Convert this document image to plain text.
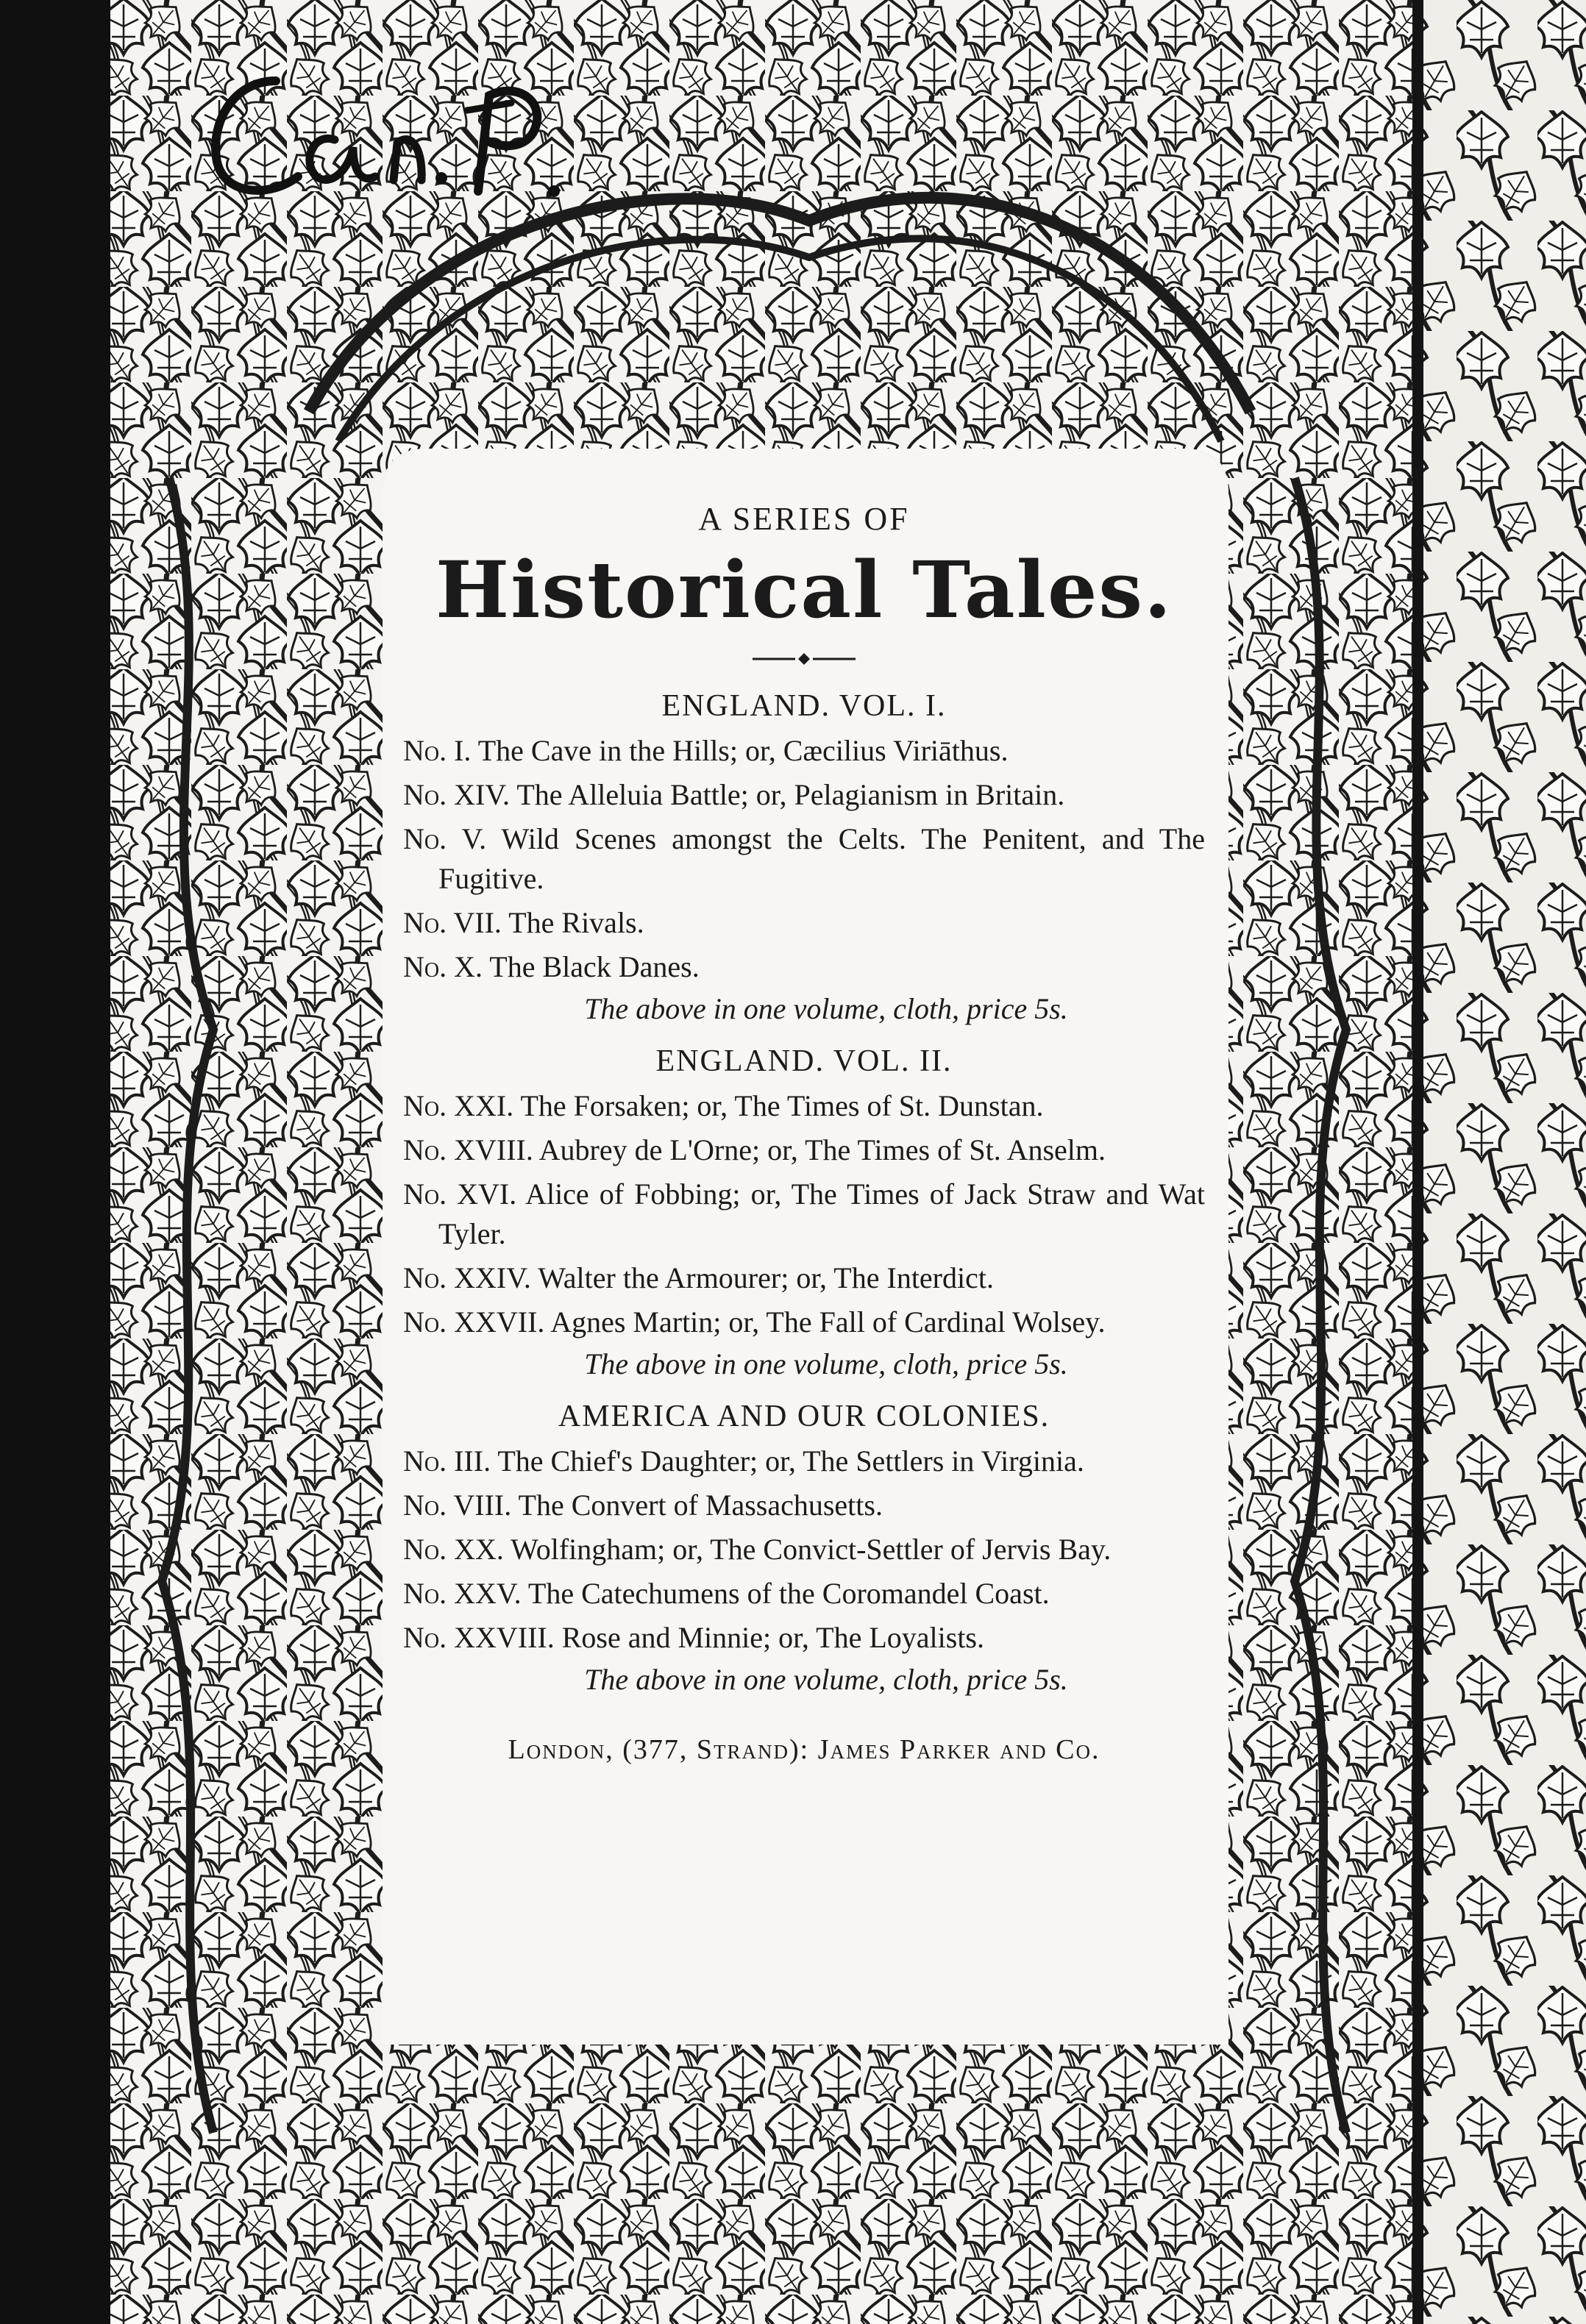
A SERIES OF
Historical Tales.
ENGLAND. VOL. I.
No. I. The Cave in the Hills; or, Cæcilius Viriāthus.
No. XIV. The Alleluia Battle; or, Pelagianism in Britain.
No. V. Wild Scenes amongst the Celts. The Penitent, and The Fugitive.
No. VII. The Rivals.
No. X. The Black Danes.

The above in one volume, cloth, price 5s.

ENGLAND. VOL. II.
No. XXI. The Forsaken; or, The Times of St. Dunstan.
No. XVIII. Aubrey de L'Orne; or, The Times of St. Anselm.
No. XVI. Alice of Fobbing; or, The Times of Jack Straw and Wat Tyler.
No. XXIV. Walter the Armourer; or, The Interdict.
No. XXVII. Agnes Martin; or, The Fall of Cardinal Wolsey.

The above in one volume, cloth, price 5s.

AMERICA AND OUR COLONIES.
No. III. The Chief's Daughter; or, The Settlers in Virginia.
No. VIII. The Convert of Massachusetts.
No. XX. Wolfingham; or, The Convict-Settler of Jervis Bay.
No. XXV. The Catechumens of the Coromandel Coast.
No. XXVIII. Rose and Minnie; or, The Loyalists.

The above in one volume, cloth, price 5s.

London, (377, Strand): James Parker and Co.
